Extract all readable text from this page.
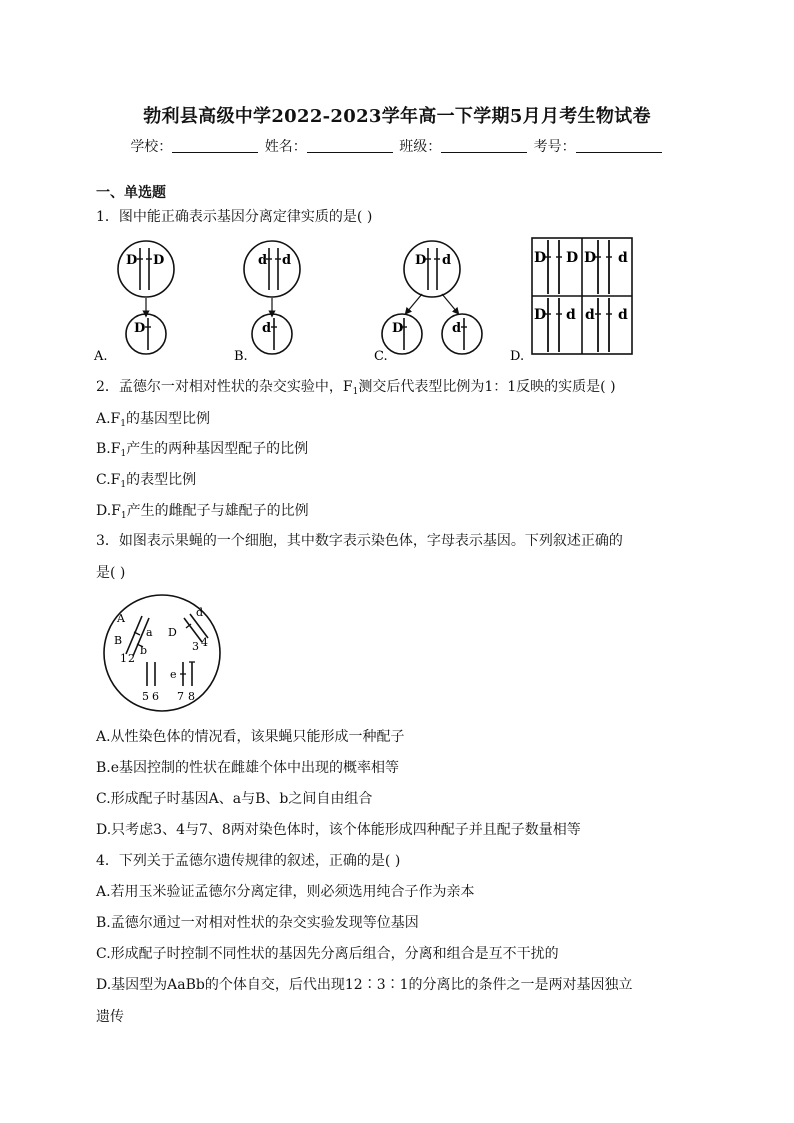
勃利县高级中学2022-2023学年高一下学期5月月考生物试卷
学校：	姓名：	班级：	考号：
一、单选题
1．图中能正确表示基因分离定律实质的是( )
D D
D
A.
d d
d
B.
D d
D	d
C.
D D D d
D d d d
D.
2．孟德尔一对相对性状的杂交实验中，$F_1$测交后代表型比例为1：1反映的实质是( )
$A.F_1$的基因型比例
$B.F_1$产生的两种基因型配子的比例
$C.F_1$的表型比例
$D.F_1$产生的雌配子与雄配子的比例
3．如图表示果蝇的一个细胞，其中数字表示染色体，字母表示基因。下列叙述正确的
是( )
A
B
a
b
1 2
D
d
3 4
5 6
e
7 8
A.从性染色体的情况看，该果蝇只能形成一种配子
B.e基因控制的性状在雌雄个体中出现的概率相等
C.形成配子时基因A、a与B、b之间自由组合
D.只考虑3、4与7、8两对染色体时，该个体能形成四种配子并且配子数量相等
4．下列关于孟德尔遗传规律的叙述，正确的是( )
A.若用玉米验证孟德尔分离定律，则必须选用纯合子作为亲本
B.孟德尔通过一对相对性状的杂交实验发现等位基因
C.形成配子时控制不同性状的基因先分离后组合，分离和组合是互不干扰的
D.基因型为AaBb的个体自交，后代出现12∶3∶1的分离比的条件之一是两对基因独立
遗传
